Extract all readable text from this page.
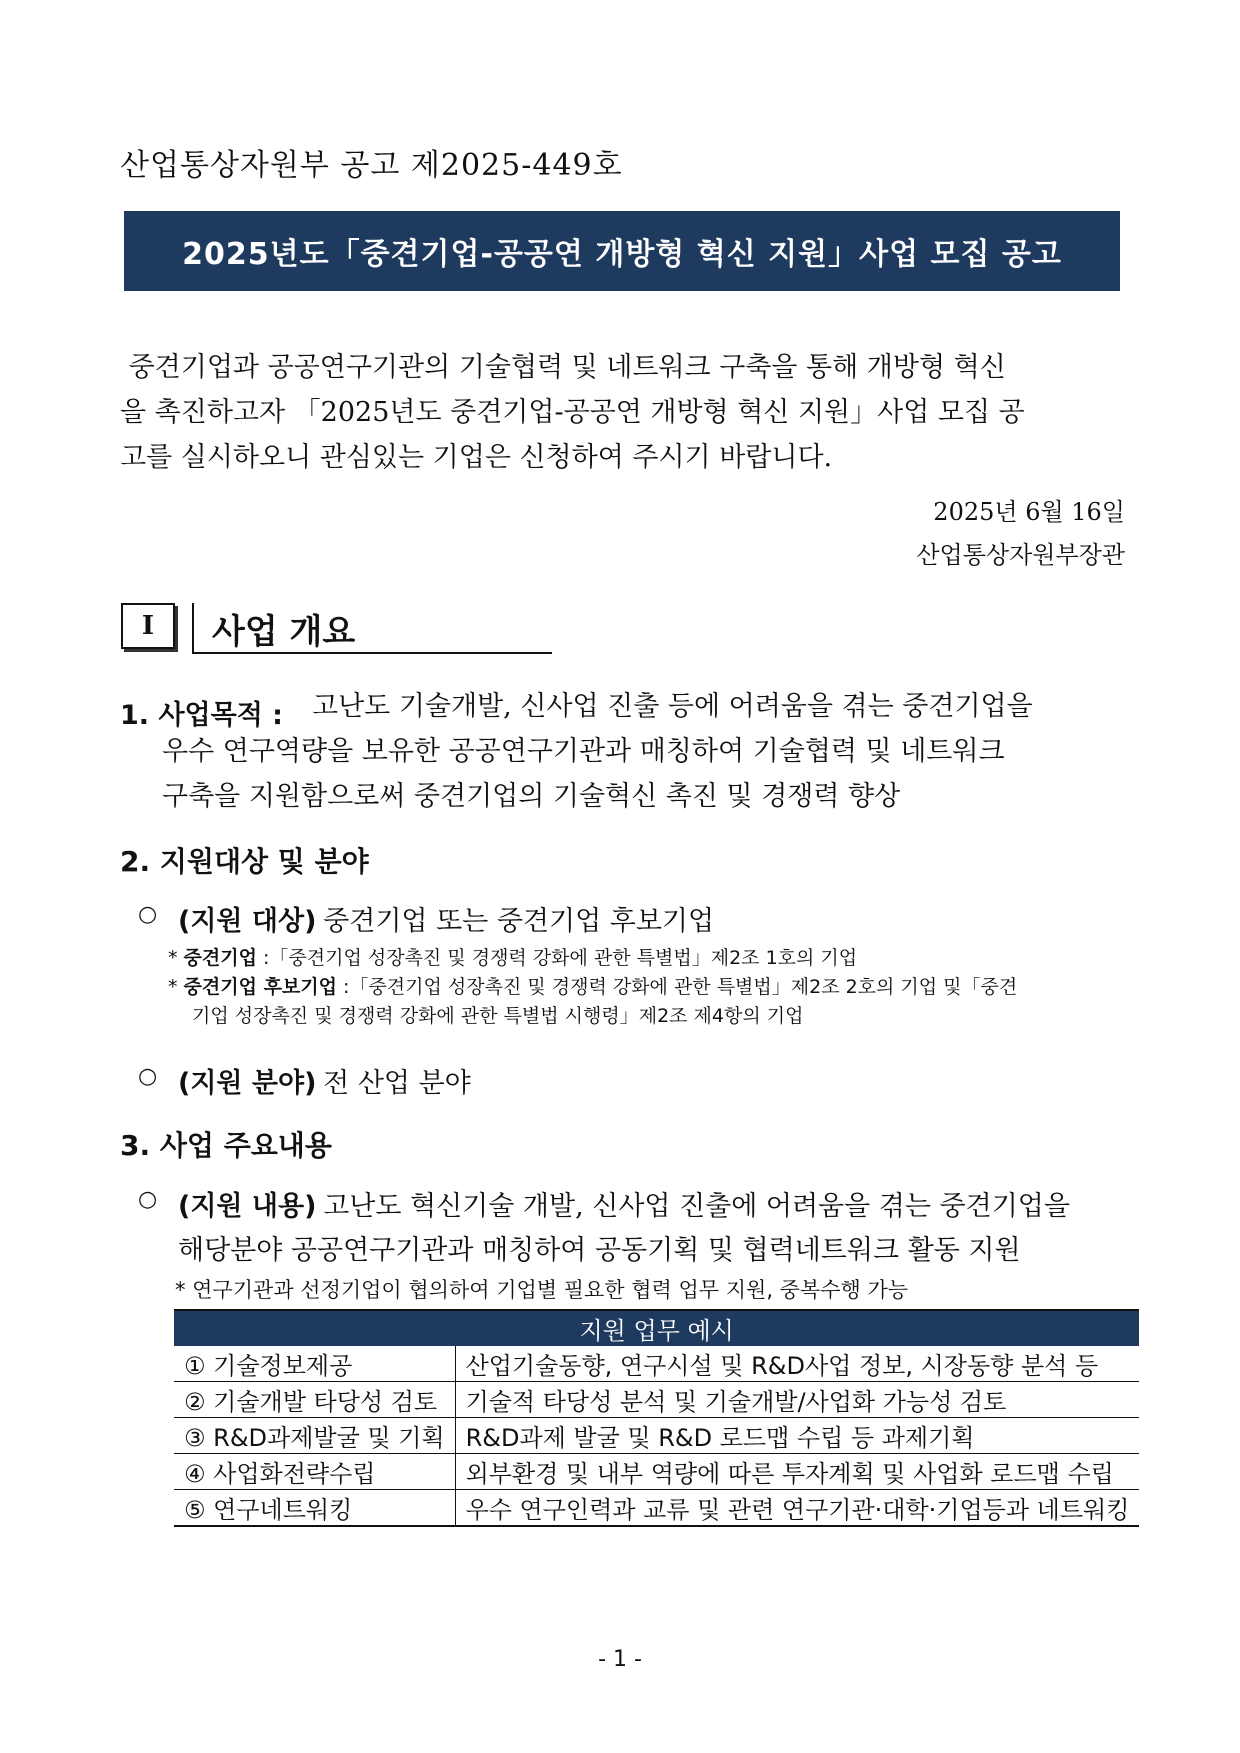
산업통상자원부 공고 제2025-449호
2025년도「중견기업-공공연 개방형 혁신 지원」사업 모집 공고
중견기업과 공공연구기관의 기술협력 및 네트워크 구축을 통해 개방형 혁신
을 촉진하고자 「2025년도 중견기업-공공연 개방형 혁신 지원」사업 모집 공
고를 실시하오니 관심있는 기업은 신청하여 주시기 바랍니다.
2025년 6월 16일
산업통상자원부장관
I 사업 개요
1. 사업목적 : 고난도 기술개발, 신사업 진출 등에 어려움을 겪는 중견기업을
우수 연구역량을 보유한 공공연구기관과 매칭하여 기술협력 및 네트워크
구축을 지원함으로써 중견기업의 기술혁신 촉진 및 경쟁력 향상
2. 지원대상 및 분야
○ (지원 대상) 중견기업 또는 중견기업 후보기업
* 중견기업 :「중견기업 성장촉진 및 경쟁력 강화에 관한 특별법」제2조 1호의 기업
* 중견기업 후보기업 :「중견기업 성장촉진 및 경쟁력 강화에 관한 특별법」제2조 2호의 기업 및「중견
기업 성장촉진 및 경쟁력 강화에 관한 특별법 시행령」제2조 제4항의 기업
○ (지원 분야) 전 산업 분야
3. 사업 주요내용
○ (지원 내용) 고난도 혁신기술 개발, 신사업 진출에 어려움을 겪는 중견기업을
해당분야 공공연구기관과 매칭하여 공동기획 및 협력네트워크 활동 지원
* 연구기관과 선정기업이 협의하여 기업별 필요한 협력 업무 지원, 중복수행 가능
지원 업무 예시	
① 기술정보제공	산업기술동향, 연구시설 및 R&D사업 정보, 시장동향 분석 등
② 기술개발 타당성 검토	기술적 타당성 분석 및 기술개발/사업화 가능성 검토
③ R&D과제발굴 및 기획	R&D과제 발굴 및 R&D 로드맵 수립 등 과제기획
④ 사업화전략수립	외부환경 및 내부 역량에 따른 투자계획 및 사업화 로드맵 수립
⑤ 연구네트워킹	우수 연구인력과 교류 및 관련 연구기관·대학·기업등과 네트워킹
- 1 -
